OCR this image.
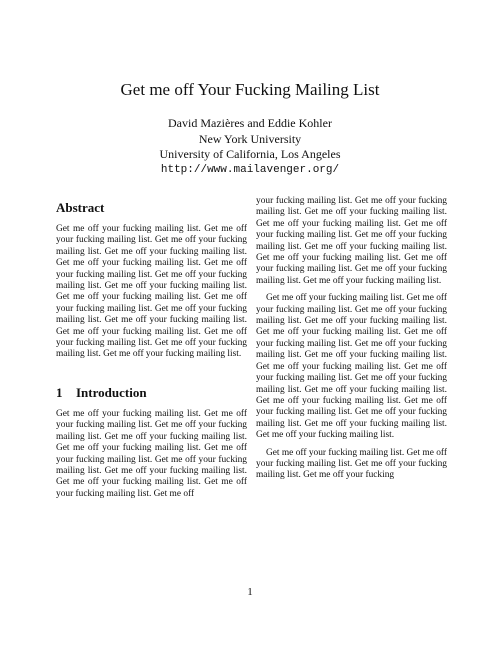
Get me off Your Fucking Mailing List
David Mazières and Eddie Kohler
New York University
University of California, Los Angeles
http://www.mailavenger.org/
Abstract

Get me off your fucking mailing list. Get me off your fucking mailing list. Get me off your fucking mailing list. Get me off your fucking mailing list. Get me off your fucking mailing list. Get me off your fucking mailing list. Get me off your fucking mailing list. Get me off your fucking mailing list. Get me off your fucking mailing list. Get me off your fucking mailing list. Get me off your fucking mailing list. Get me off your fucking mailing list. Get me off your fucking mailing list. Get me off your fucking mailing list. Get me off your fucking mailing list. Get me off your fucking mailing list.

1 Introduction

Get me off your fucking mailing list. Get me off your fucking mailing list. Get me off your fucking mailing list. Get me off your fucking mailing list. Get me off your fucking mailing list. Get me off your fucking mailing list. Get me off your fucking mailing list. Get me off your fucking mailing list. Get me off your fucking mailing list. Get me off your fucking mailing list. Get me off

your fucking mailing list. Get me off your fucking mailing list. Get me off your fucking mailing list. Get me off your fucking mailing list. Get me off your fucking mailing list. Get me off your fucking mailing list. Get me off your fucking mailing list. Get me off your fucking mailing list. Get me off your fucking mailing list. Get me off your fucking mailing list. Get me off your fucking mailing list.

Get me off your fucking mailing list. Get me off your fucking mailing list. Get me off your fucking mailing list. Get me off your fucking mailing list. Get me off your fucking mailing list. Get me off your fucking mailing list. Get me off your fucking mailing list. Get me off your fucking mailing list. Get me off your fucking mailing list. Get me off your fucking mailing list. Get me off your fucking mailing list. Get me off your fucking mailing list. Get me off your fucking mailing list. Get me off your fucking mailing list. Get me off your fucking mailing list. Get me off your fucking mailing list. Get me off your fucking mailing list.

Get me off your fucking mailing list. Get me off your fucking mailing list. Get me off your fucking mailing list. Get me off your fucking

1
